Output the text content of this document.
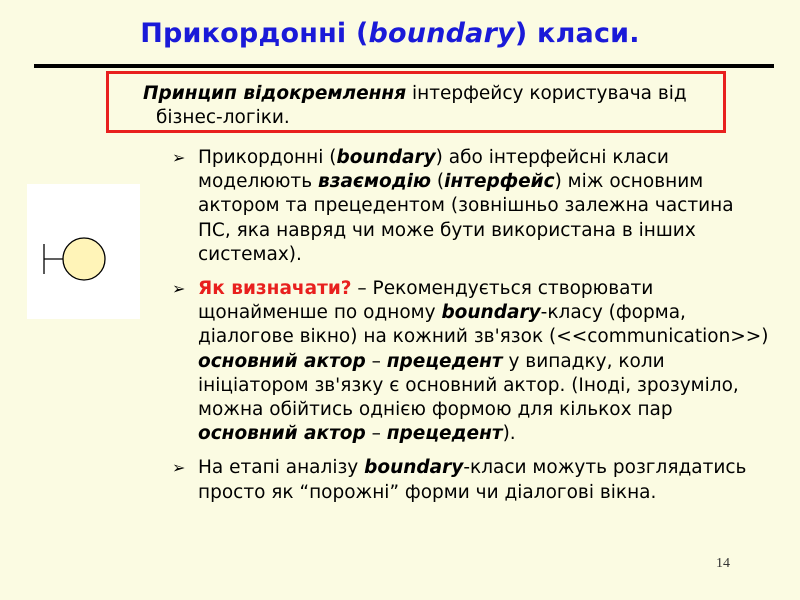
Прикордонні (boundary) класи.
Принцип відокремлення інтерфейсу користувача від
бізнес-логіки.
➢ Прикордонні (boundary) або інтерфейсні класи моделюють взаємодію (інтерфейс) між основним актором та прецедентом (зовнішньо залежна частина ПС, яка навряд чи може бути використана в інших системах).
➢ Як визначати? – Рекомендується створювати щонайменше по одному boundary-класу (форма, діалогове вікно) на кожний зв'язок (<<communication>>) основний актор – прецедент у випадку, коли ініціатором зв'язку є основний актор. (Іноді, зрозуміло, можна обійтись однією формою для кількох пар основний актор – прецедент).
➢ На етапі аналізу boundary-класи можуть розглядатись просто як “порожні” форми чи діалогові вікна.
14
